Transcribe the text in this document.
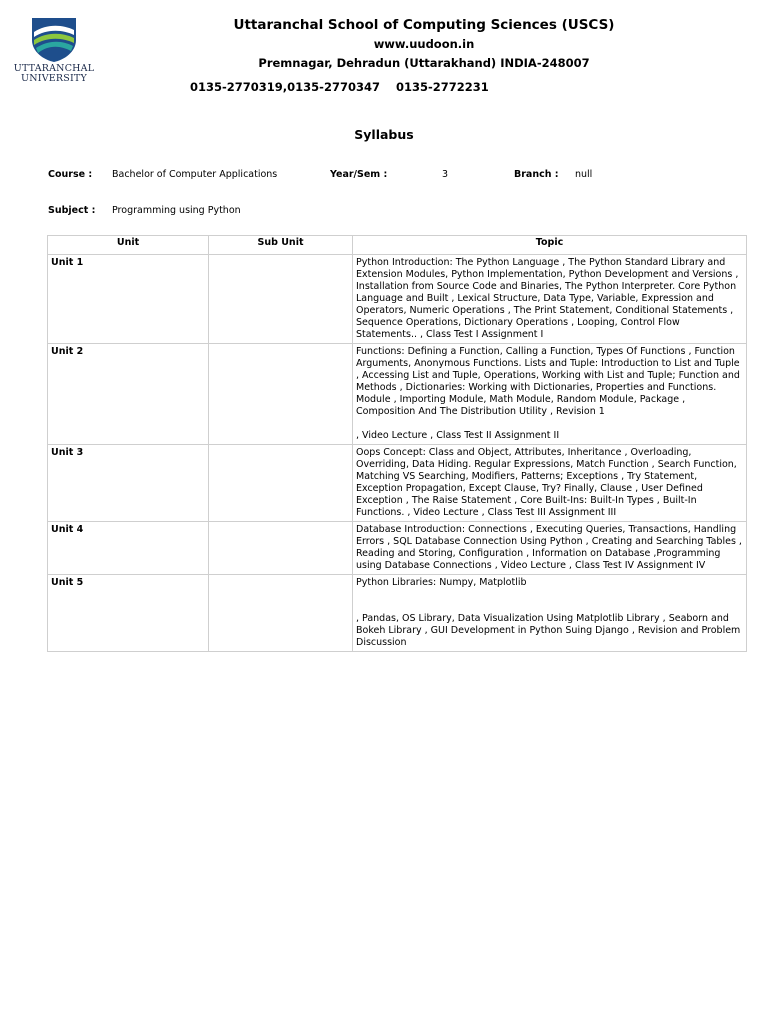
UTTARANCHAL
UNIVERSITY
Uttaranchal School of Computing Sciences (USCS)
www.uudoon.in
Premnagar, Dehradun (Uttarakhand) INDIA-248007
0135-2770319,0135-2770347 0135-2772231
Syllabus
Course : Bachelor of Computer Applications	Year/Sem :	3	Branch : null
Subject : Programming using Python
Unit	Sub Unit	Topic
Unit 1		Python Introduction: The Python Language , The Python Standard Library and Extension Modules, Python Implementation, Python Development and Versions , Installation from Source Code and Binaries, The Python Interpreter. Core Python Language and Built , Lexical Structure, Data Type, Variable, Expression and Operators, Numeric Operations , The Print Statement, Conditional Statements , Sequence Operations, Dictionary Operations , Looping, Control Flow Statements.. , Class Test I Assignment I
Unit 2		Functions: Defining a Function, Calling a Function, Types Of Functions , Function Arguments, Anonymous Functions. Lists and Tuple: Introduction to List and Tuple , Accessing List and Tuple, Operations, Working with List and Tuple; Function and Methods , Dictionaries: Working with Dictionaries, Properties and Functions. Module , Importing Module, Math Module, Random Module, Package , Composition And The Distribution Utility , Revision 1

, Video Lecture , Class Test II Assignment II
Unit 3		Oops Concept: Class and Object, Attributes, Inheritance , Overloading, Overriding, Data Hiding. Regular Expressions, Match Function , Search Function, Matching VS Searching, Modifiers, Patterns; Exceptions , Try Statement, Exception Propagation, Except Clause, Try? Finally, Clause , User Defined Exception , The Raise Statement , Core Built-Ins: Built-In Types , Built-In Functions. , Video Lecture , Class Test III Assignment III
Unit 4		Database Introduction: Connections , Executing Queries, Transactions, Handling Errors , SQL Database Connection Using Python , Creating and Searching Tables , Reading and Storing, Configuration , Information on Database ,Programming using Database Connections , Video Lecture , Class Test IV Assignment IV
Unit 5		Python Libraries: Numpy, Matplotlib

, Pandas, OS Library, Data Visualization Using Matplotlib Library , Seaborn and Bokeh Library , GUI Development in Python Suing Django , Revision and Problem Discussion
